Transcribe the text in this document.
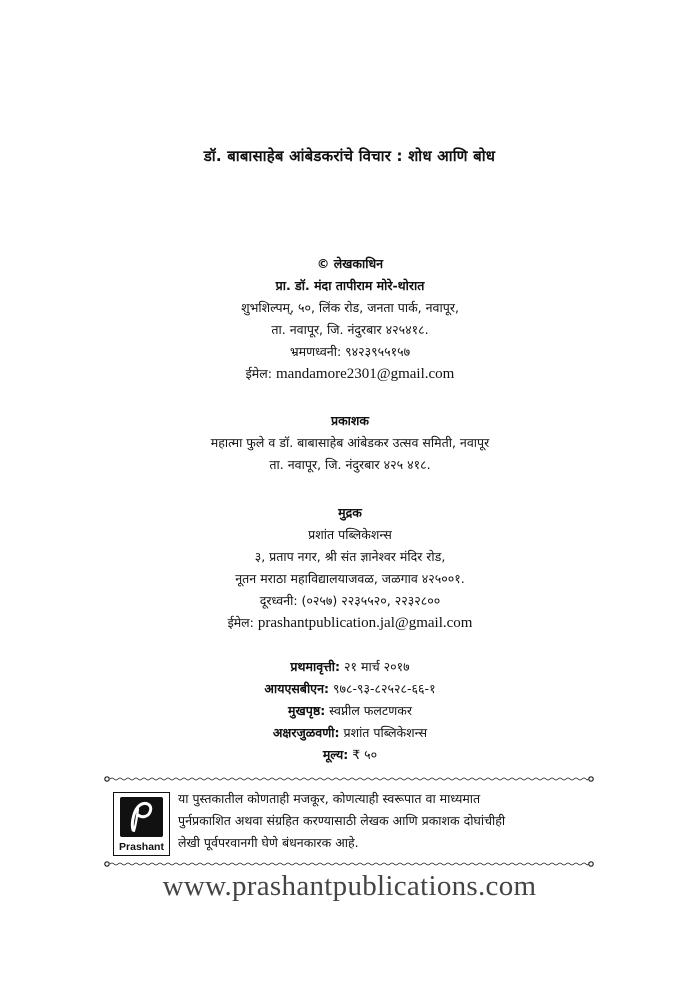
डॉ. बाबासाहेब आंबेडकरांचे विचार : शोध आणि बोध
© लेखकाधिन
प्रा. डॉ. मंदा तापीराम मोरे-थोरात
शुभशिल्पम्, ५०, लिंक रोड, जनता पार्क, नवापूर,
ता. नवापूर, जि. नंदुरबार ४२५४१८.
भ्रमणध्वनी: ९४२३९५५१५७
ईमेल: mandamore2301@gmail.com
प्रकाशक
महात्मा फुले व डॉ. बाबासाहेब आंबेडकर उत्सव समिती, नवापूर
ता. नवापूर, जि. नंदुरबार ४२५ ४१८.
मुद्रक
प्रशांत पब्लिकेशन्स
३, प्रताप नगर, श्री संत ज्ञानेश्वर मंदिर रोड,
नूतन मराठा महाविद्यालयाजवळ, जळगाव ४२५००१.
दूरध्वनी: (०२५७) २२३५५२०, २२३२८००
ईमेल: prashantpublication.jal@gmail.com
प्रथमावृत्ती: २१ मार्च २०१७
आयएसबीएन: ९७८-९३-८२५२८-६६-१
मुखपृष्ठ: स्वप्नील फलटणकर
अक्षरजुळवणी: प्रशांत पब्लिकेशन्स
मूल्य: ₹ ५०
Prashant
या पुस्तकातील कोणताही मजकूर, कोणत्याही स्वरूपात वा माध्यमात
पुर्नप्रकाशित अथवा संग्रहित करण्यासाठी लेखक आणि प्रकाशक दोघांचीही
लेखी पूर्वपरवानगी घेणे बंधनकारक आहे.
www.prashantpublications.com
